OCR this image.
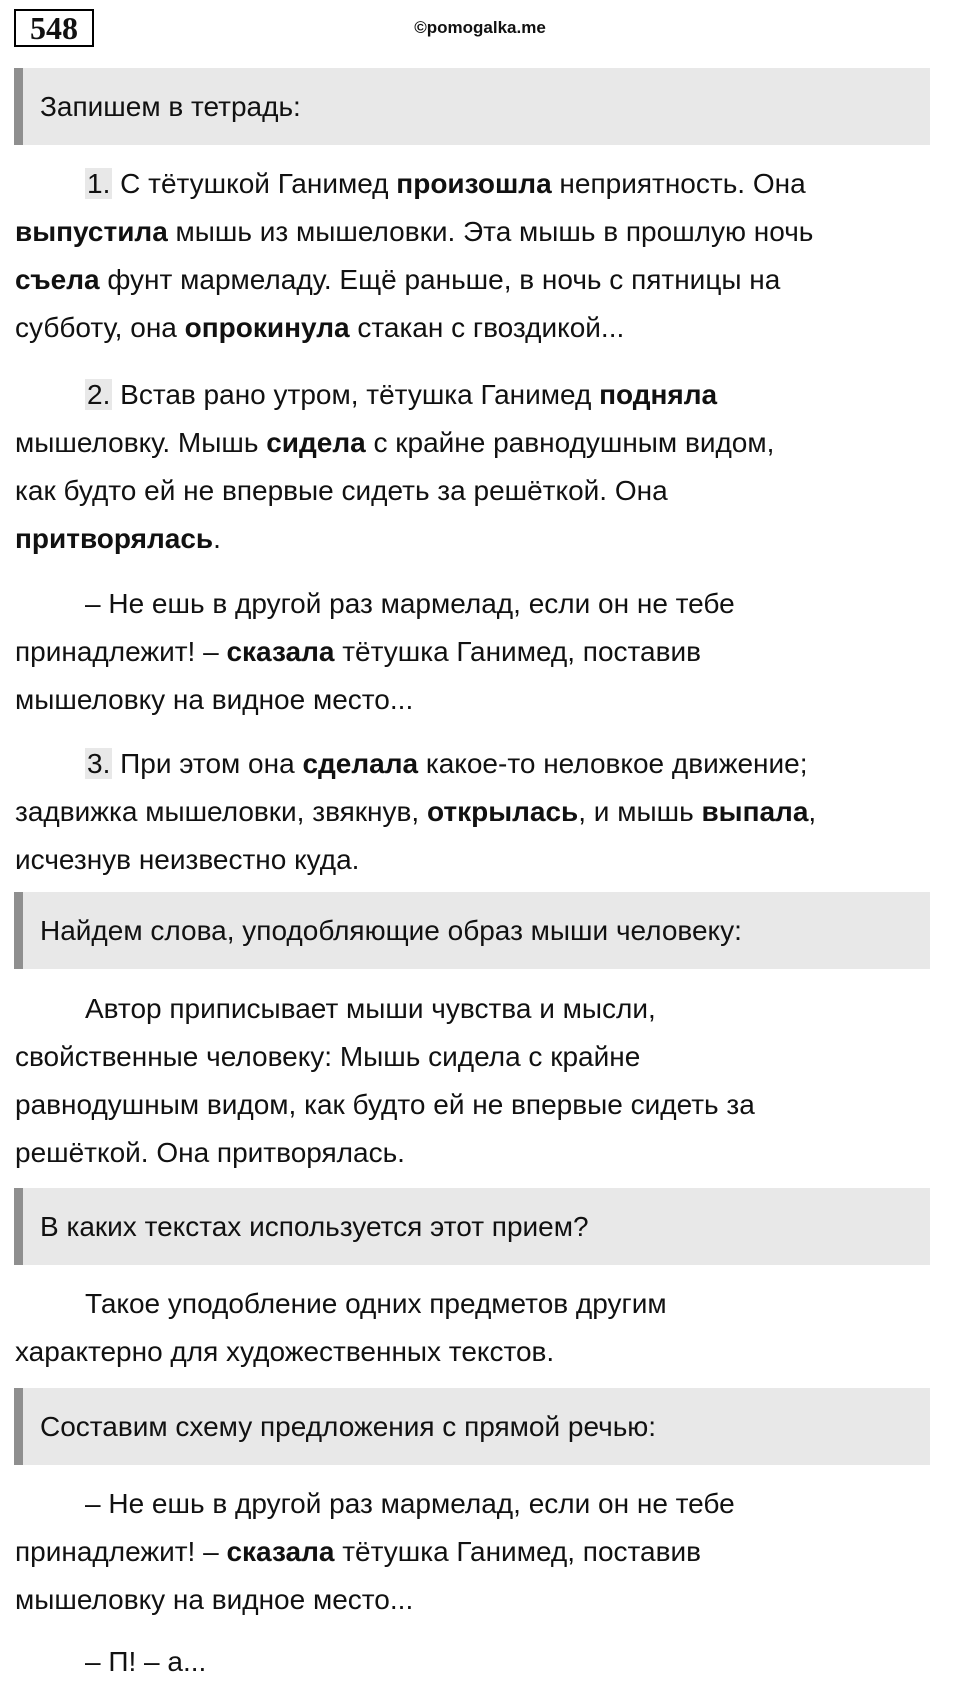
548	©pomogalka.me
Запишем в тетрадь:
1. С тётушкой Ганимед произошла неприятность. Она
выпустила мышь из мышеловки. Эта мышь в прошлую ночь
съела фунт мармеладу. Ещё раньше, в ночь с пятницы на
субботу, она опрокинула стакан с гвоздикой...
2. Встав рано утром, тётушка Ганимед подняла
мышеловку. Мышь сидела с крайне равнодушным видом,
как будто ей не впервые сидеть за решёткой. Она
притворялась.
– Не ешь в другой раз мармелад, если он не тебе
принадлежит! – сказала тётушка Ганимед, поставив
мышеловку на видное место...
3. При этом она сделала какое-то неловкое движение;
задвижка мышеловки, звякнув, открылась, и мышь выпала,
исчезнув неизвестно куда.
Найдем слова, уподобляющие образ мыши человеку:
Автор приписывает мыши чувства и мысли,
свойственные человеку: Мышь сидела с крайне
равнодушным видом, как будто ей не впервые сидеть за
решёткой. Она притворялась.
В каких текстах используется этот прием?
Такое уподобление одних предметов другим
характерно для художественных текстов.
Составим схему предложения с прямой речью:
– Не ешь в другой раз мармелад, если он не тебе
принадлежит! – сказала тётушка Ганимед, поставив
мышеловку на видное место...
– П! – а...
